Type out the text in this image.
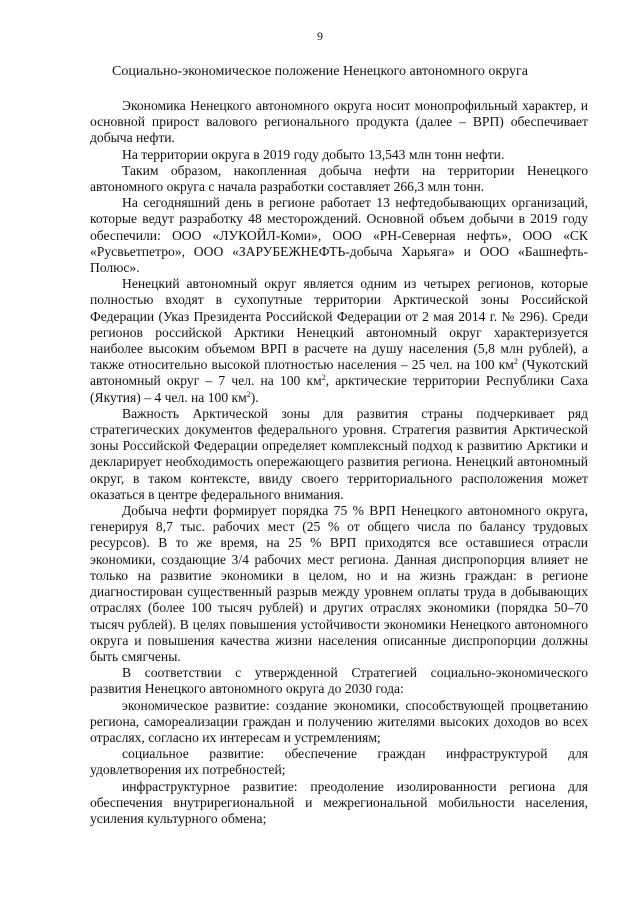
9
Социально-экономическое положение Ненецкого автономного округа

Экономика Ненецкого автономного округа носит монопрофильный характер, и основной прирост валового регионального продукта (далее – ВРП) обеспечивает добыча нефти.

На территории округа в 2019 году добыто 13,543 млн тонн нефти.

Таким образом, накопленная добыча нефти на территории Ненецкого автономного округа с начала разработки составляет 266,3 млн тонн.

На сегодняшний день в регионе работает 13 нефтедобывающих организаций, которые ведут разработку 48 месторождений. Основной объем добычи в 2019 году обеспечили: ООО «ЛУКОЙЛ-Коми», ООО «РН-Северная нефть», ООО «СК «Русвьетпетро», ООО «ЗАРУБЕЖНЕФТЬ-добыча Харьяга» и ООО «Башнефть-Полюс».

Ненецкий автономный округ является одним из четырех регионов, которые полностью входят в сухопутные территории Арктической зоны Российской Федерации (Указ Президента Российской Федерации от 2 мая 2014 г. № 296). Среди регионов российской Арктики Ненецкий автономный округ характеризуется наиболее высоким объемом ВРП в расчете на душу населения (5,8 млн рублей), а также относительно высокой плотностью населения – 25 чел. на 100 $км^2$ (Чукотский автономный округ – 7 чел. на 100 $км^2$, арктические территории Республики Саха (Якутия) – 4 чел. на 100 $км^2$).

Важность Арктической зоны для развития страны подчеркивает ряд стратегических документов федерального уровня. Стратегия развития Арктической зоны Российской Федерации определяет комплексный подход к развитию Арктики и декларирует необходимость опережающего развития региона. Ненецкий автономный округ, в таком контексте, ввиду своего территориального расположения может оказаться в центре федерального внимания.

Добыча нефти формирует порядка 75 % ВРП Ненецкого автономного округа, генерируя 8,7 тыс. рабочих мест (25 % от общего числа по балансу трудовых ресурсов). В то же время, на 25 % ВРП приходятся все оставшиеся отрасли экономики, создающие 3/4 рабочих мест региона. Данная диспропорция влияет не только на развитие экономики в целом, но и на жизнь граждан: в регионе диагностирован существенный разрыв между уровнем оплаты труда в добывающих отраслях (более 100 тысяч рублей) и других отраслях экономики (порядка 50–70 тысяч рублей). В целях повышения устойчивости экономики Ненецкого автономного округа и повышения качества жизни населения описанные диспропорции должны быть смягчены.

В соответствии с утвержденной Стратегией социально-экономического развития Ненецкого автономного округа до 2030 года:

экономическое развитие: создание экономики, способствующей процветанию региона, самореализации граждан и получению жителями высоких доходов во всех отраслях, согласно их интересам и устремлениям;

социальное развитие: обеспечение граждан инфраструктурой для удовлетворения их потребностей;

инфраструктурное развитие: преодоление изолированности региона для обеспечения внутрирегиональной и межрегиональной мобильности населения, усиления культурного обмена;
